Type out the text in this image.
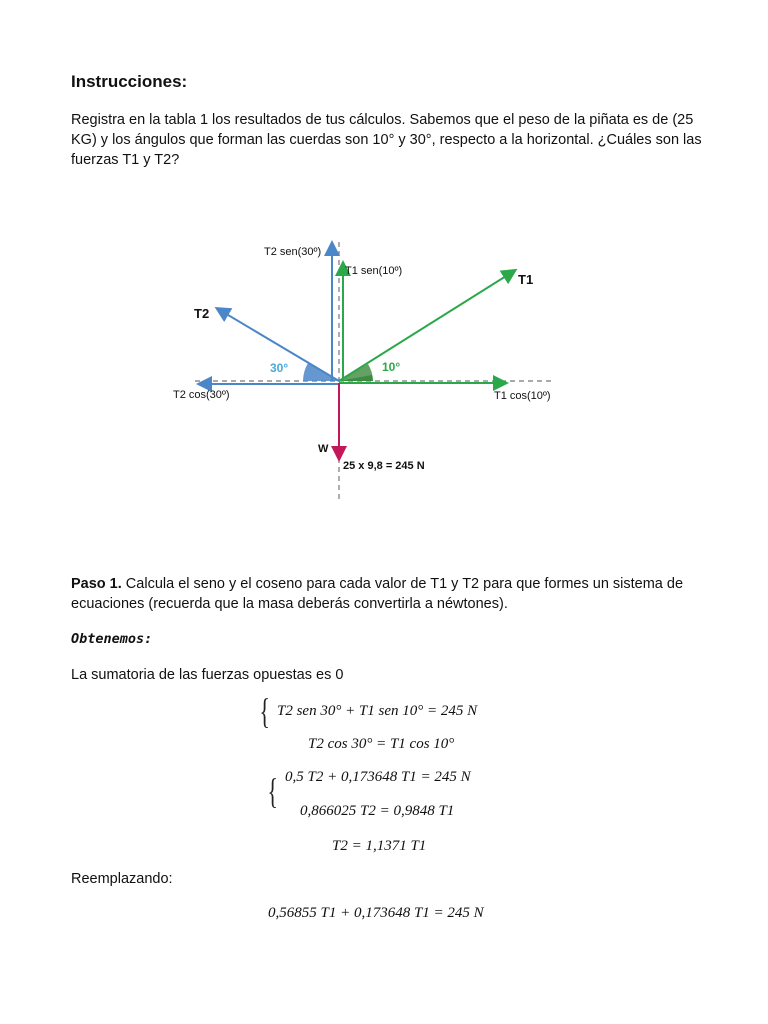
Instrucciones:
Registra en la tabla 1 los resultados de tus cálculos. Sabemos que el peso de la piñata es de (25 KG) y los ángulos que forman las cuerdas son 10° y 30°, respecto a la horizontal. ¿Cuáles son las fuerzas T1 y T2?
T2 sen(30º)
T1 sen(10º)
T1
T2
30°	10°
T2 cos(30º)	T1 cos(10º)
W
25 x 9,8 = 245 N
Paso 1. Calcula el seno y el coseno para cada valor de T1 y T2 para que formes un sistema de ecuaciones (recuerda que la masa deberás convertirla a néwtones).
Obtenemos:
La sumatoria de las fuerzas opuestas es 0
{ T2 sen 30° + T1 sen 10° = 245 N
T2 cos 30° = T1 cos 10°
{ 0,5 T2 + 0,173648 T1 = 245 N
0,866025 T2 = 0,9848 T1
T2 = 1,1371 T1
Reemplazando:
0,56855 T1 + 0,173648 T1 = 245 N
